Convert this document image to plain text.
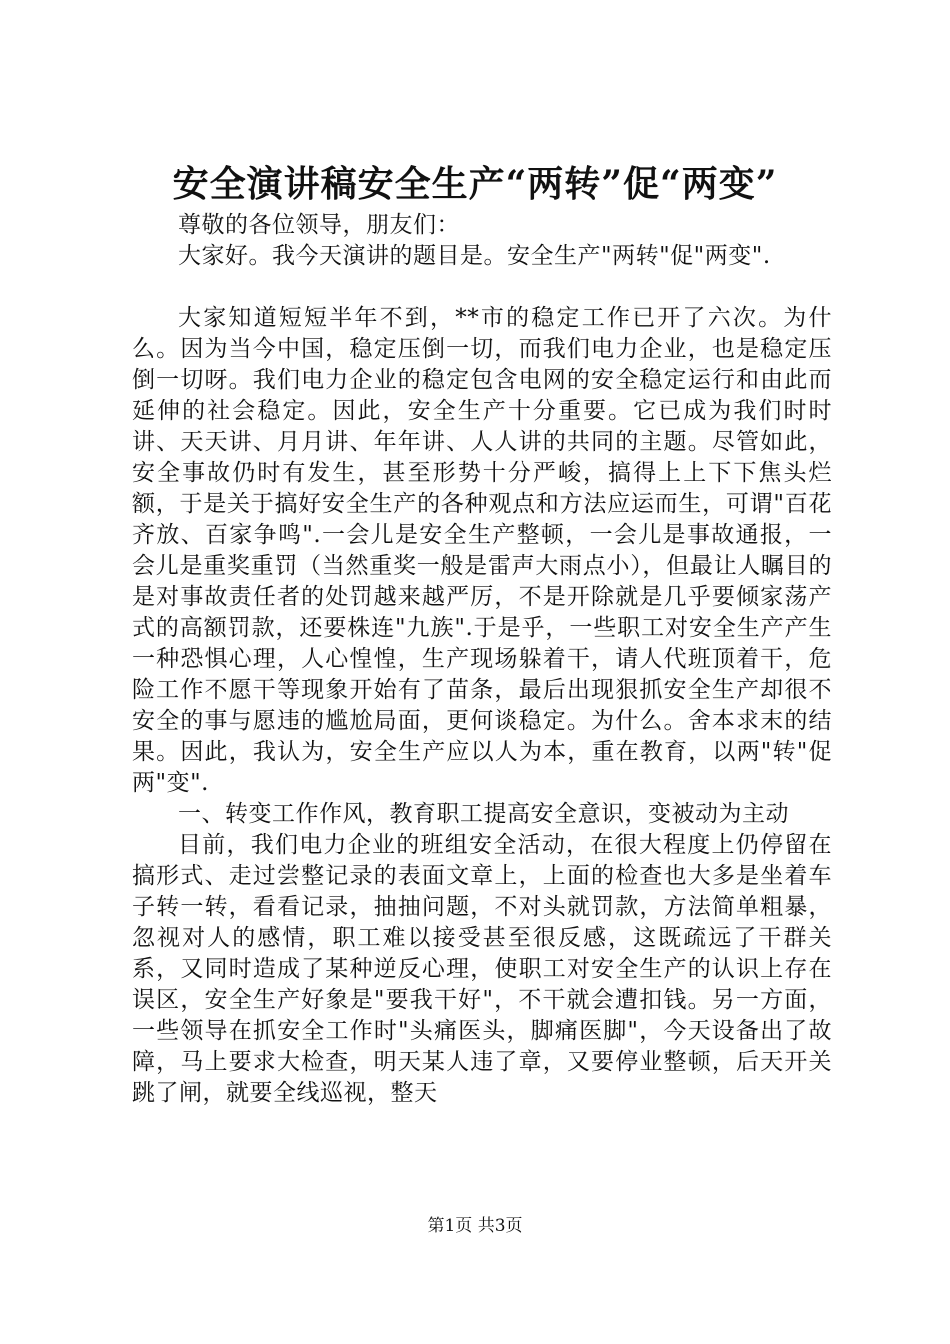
安全演讲稿安全生产“两转”促“两变”

尊敬的各位领导，朋友们：

大家好。我今天演讲的题目是。安全生产"两转"促"两变".

大家知道短短半年不到，**市的稳定工作已开了六次。为什么。因为当今中国，稳定压倒一切，而我们电力企业，也是稳定压倒一切呀。我们电力企业的稳定包含电网的安全稳定运行和由此而延伸的社会稳定。因此，安全生产十分重要。它已成为我们时时讲、天天讲、月月讲、年年讲、人人讲的共同的主题。尽管如此，安全事故仍时有发生，甚至形势十分严峻，搞得上上下下焦头烂额，于是关于搞好安全生产的各种观点和方法应运而生，可谓"百花齐放、百家争鸣".一会儿是安全生产整顿，一会儿是事故通报，一会儿是重奖重罚（当然重奖一般是雷声大雨点小），但最让人瞩目的是对事故责任者的处罚越来越严厉，不是开除就是几乎要倾家荡产式的高额罚款，还要株连"九族".于是乎，一些职工对安全生产产生一种恐惧心理，人心惶惶，生产现场躲着干，请人代班顶着干，危险工作不愿干等现象开始有了苗条，最后出现狠抓安全生产却很不安全的事与愿违的尴尬局面，更何谈稳定。为什么。舍本求末的结果。因此，我认为，安全生产应以人为本，重在教育，以两"转"促两"变".

一、转变工作作风，教育职工提高安全意识，变被动为主动

目前，我们电力企业的班组安全活动，在很大程度上仍停留在搞形式、走过尝整记录的表面文章上，上面的检查也大多是坐着车子转一转，看看记录，抽抽问题，不对头就罚款，方法简单粗暴，忽视对人的感情，职工难以接受甚至很反感，这既疏远了干群关系，又同时造成了某种逆反心理，使职工对安全生产的认识上存在误区，安全生产好象是"要我干好"，不干就会遭扣钱。另一方面，一些领导在抓安全工作时"头痛医头，脚痛医脚"，今天设备出了故障，马上要求大检查，明天某人违了章，又要停业整顿，后天开关跳了闸，就要全线巡视，整天

第1页 共3页
